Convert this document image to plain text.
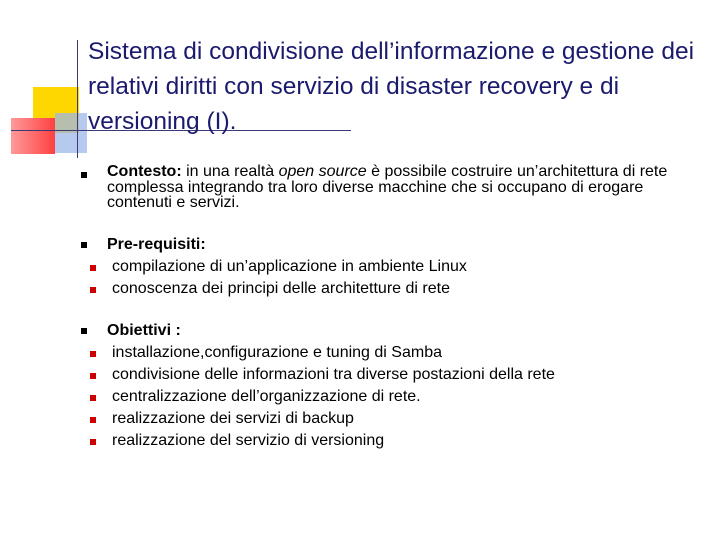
Sistema di condivisione dell’informazione e gestione dei relativi diritti con servizio di disaster recovery e di versioning (I).
Contesto: in una realtà open source è possibile costruire un’architettura di rete complessa integrando tra loro diverse macchine che si occupano di erogare contenuti e servizi.
Pre-requisiti:
compilazione di un’applicazione in ambiente Linux
conoscenza dei principi delle architetture di rete
Obiettivi :
installazione,configurazione e tuning di Samba
condivisione delle informazioni tra diverse postazioni della rete
centralizzazione dell’organizzazione di rete.
realizzazione dei servizi di backup
realizzazione del servizio di versioning
